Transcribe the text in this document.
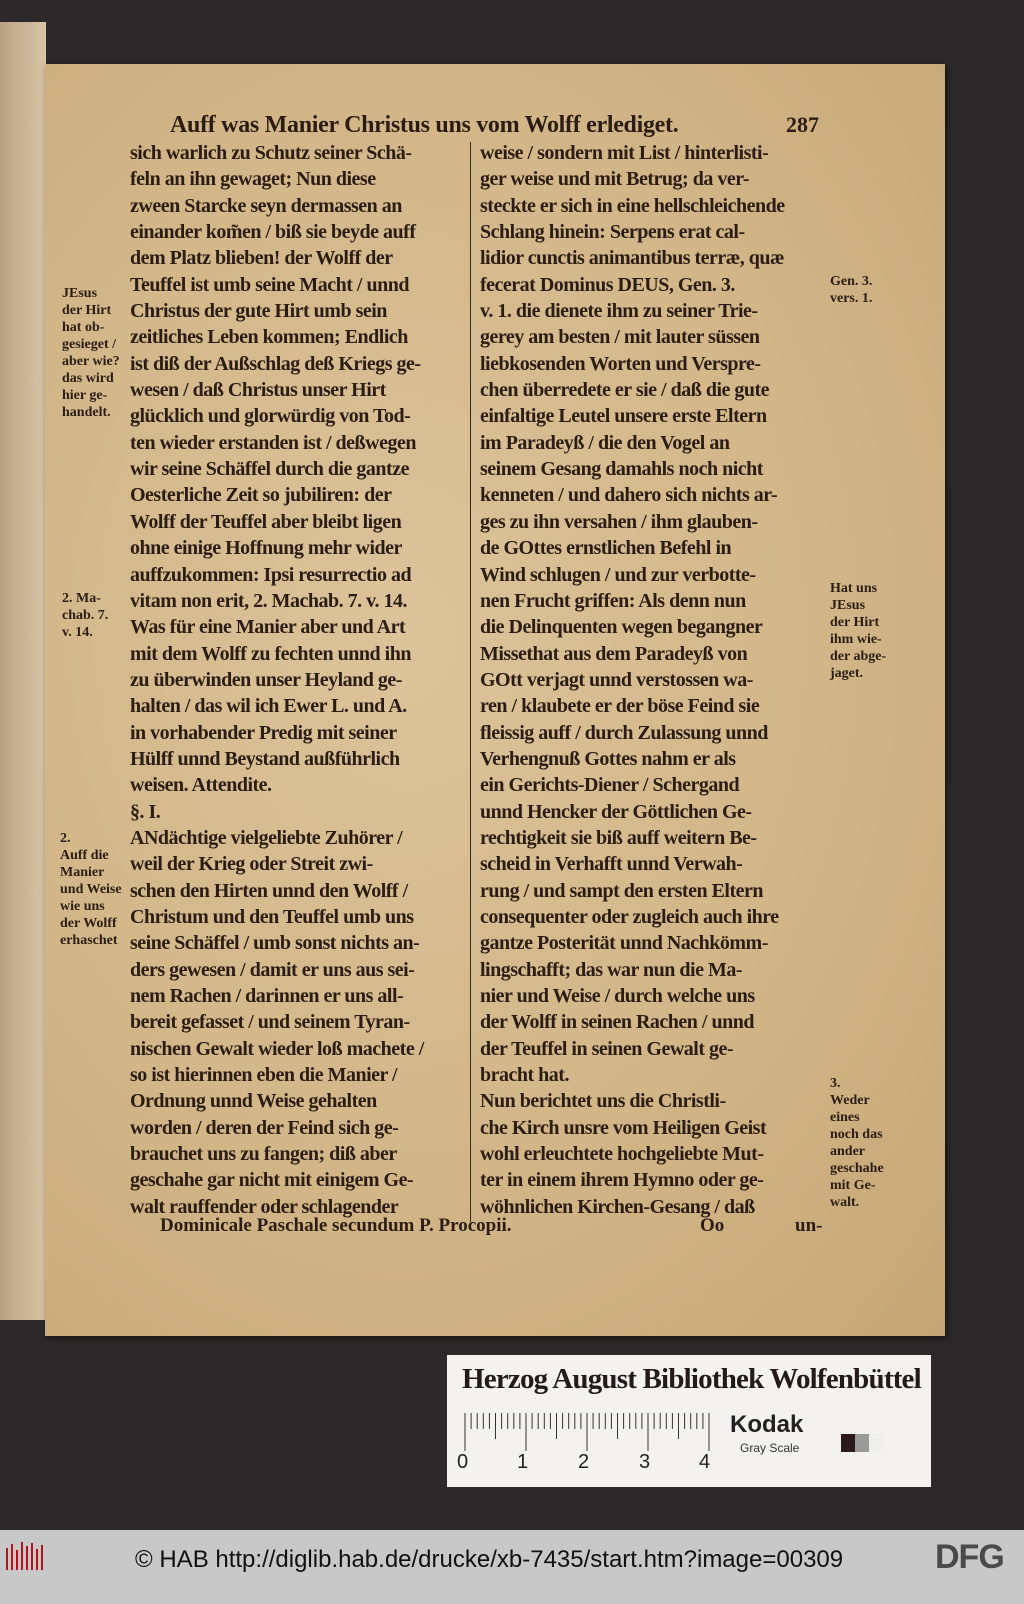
Auff was Manier Christus uns vom Wolff erlediget.	287
sich warlich zu Schutz seiner Schä-
feln an ihn gewaget; Nun diese
zween Starcke seyn dermassen an
einander kom̃en / biß sie beyde auff
dem Platz blieben! der Wolff der
Teuffel ist umb seine Macht / unnd
Christus der gute Hirt umb sein
zeitliches Leben kommen; Endlich
ist diß der Außschlag deß Kriegs ge-
wesen / daß Christus unser Hirt
glücklich und glorwürdig von Tod-
ten wieder erstanden ist / deßwegen
wir seine Schäffel durch die gantze
Oesterliche Zeit so jubiliren: der
Wolff der Teuffel aber bleibt ligen
ohne einige Hoffnung mehr wider
auffzukommen: Ipsi resurrectio ad
vitam non erit, 2. Machab. 7. v. 14.
Was für eine Manier aber und Art
mit dem Wolff zu fechten unnd ihn
zu überwinden unser Heyland ge-
halten / das wil ich Ewer L. und A.
in vorhabender Predig mit seiner
Hülff unnd Beystand außführlich
weisen. Attendite.
§. I.
ANdächtige vielgeliebte Zuhörer /
weil der Krieg oder Streit zwi-
schen den Hirten unnd den Wolff /
Christum und den Teuffel umb uns
seine Schäffel / umb sonst nichts an-
ders gewesen / damit er uns aus sei-
nem Rachen / darinnen er uns all-
bereit gefasset / und seinem Tyran-
nischen Gewalt wieder loß machete /
so ist hierinnen eben die Manier /
Ordnung unnd Weise gehalten
worden / deren der Feind sich ge-
brauchet uns zu fangen; diß aber
geschahe gar nicht mit einigem Ge-
walt rauffender oder schlagender
weise / sondern mit List / hinterlisti-
ger weise und mit Betrug; da ver-
steckte er sich in eine hellschleichende
Schlang hinein: Serpens erat cal-
lidior cunctis animantibus terræ, quæ
fecerat Dominus DEUS, Gen. 3.
v. 1. die dienete ihm zu seiner Trie-
gerey am besten / mit lauter süssen
liebkosenden Worten und Verspre-
chen überredete er sie / daß die gute
einfaltige Leutel unsere erste Eltern
im Paradeyß / die den Vogel an
seinem Gesang damahls noch nicht
kenneten / und dahero sich nichts ar-
ges zu ihn versahen / ihm glauben-
de GOttes ernstlichen Befehl in
Wind schlugen / und zur verbotte-
nen Frucht griffen: Als denn nun
die Delinquenten wegen begangner
Missethat aus dem Paradeyß von
GOtt verjagt unnd verstossen wa-
ren / klaubete er der böse Feind sie
fleissig auff / durch Zulassung unnd
Verhengnuß Gottes nahm er als
ein Gerichts-Diener / Schergand
unnd Hencker der Göttlichen Ge-
rechtigkeit sie biß auff weitern Be-
scheid in Verhafft unnd Verwah-
rung / und sampt den ersten Eltern
consequenter oder zugleich auch ihre
gantze Posterität unnd Nachkömm-
lingschafft; das war nun die Ma-
nier und Weise / durch welche uns
der Wolff in seinen Rachen / unnd
der Teuffel in seinen Gewalt ge-
bracht hat.
Nun berichtet uns die Christli-
che Kirch unsre vom Heiligen Geist
wohl erleuchtete hochgeliebte Mut-
ter in einem ihrem Hymno oder ge-
wöhnlichen Kirchen-Gesang / daß
JEsus
der Hirt
hat ob-
gesieget /
aber wie?
das wird
hier ge-
handelt.
2. Ma-
chab. 7.
v. 14.
2.
Auff die
Manier
und Weise
wie uns
der Wolff
erhaschet
Gen. 3.
vers. 1.
Hat uns
JEsus
der Hirt
ihm wie-
der abge-
jaget.
3.
Weder
eines
noch das
ander
geschahe
mit Ge-
walt.
Dominicale Paschale secundum P. Procopii.	Oo	un-
Herzog August Bibliothek Wolfenbüttel
0 1 2 3 4
Kodak
Gray Scale
© HAB http://diglib.hab.de/drucke/xb-7435/start.htm?image=00309	DFG
